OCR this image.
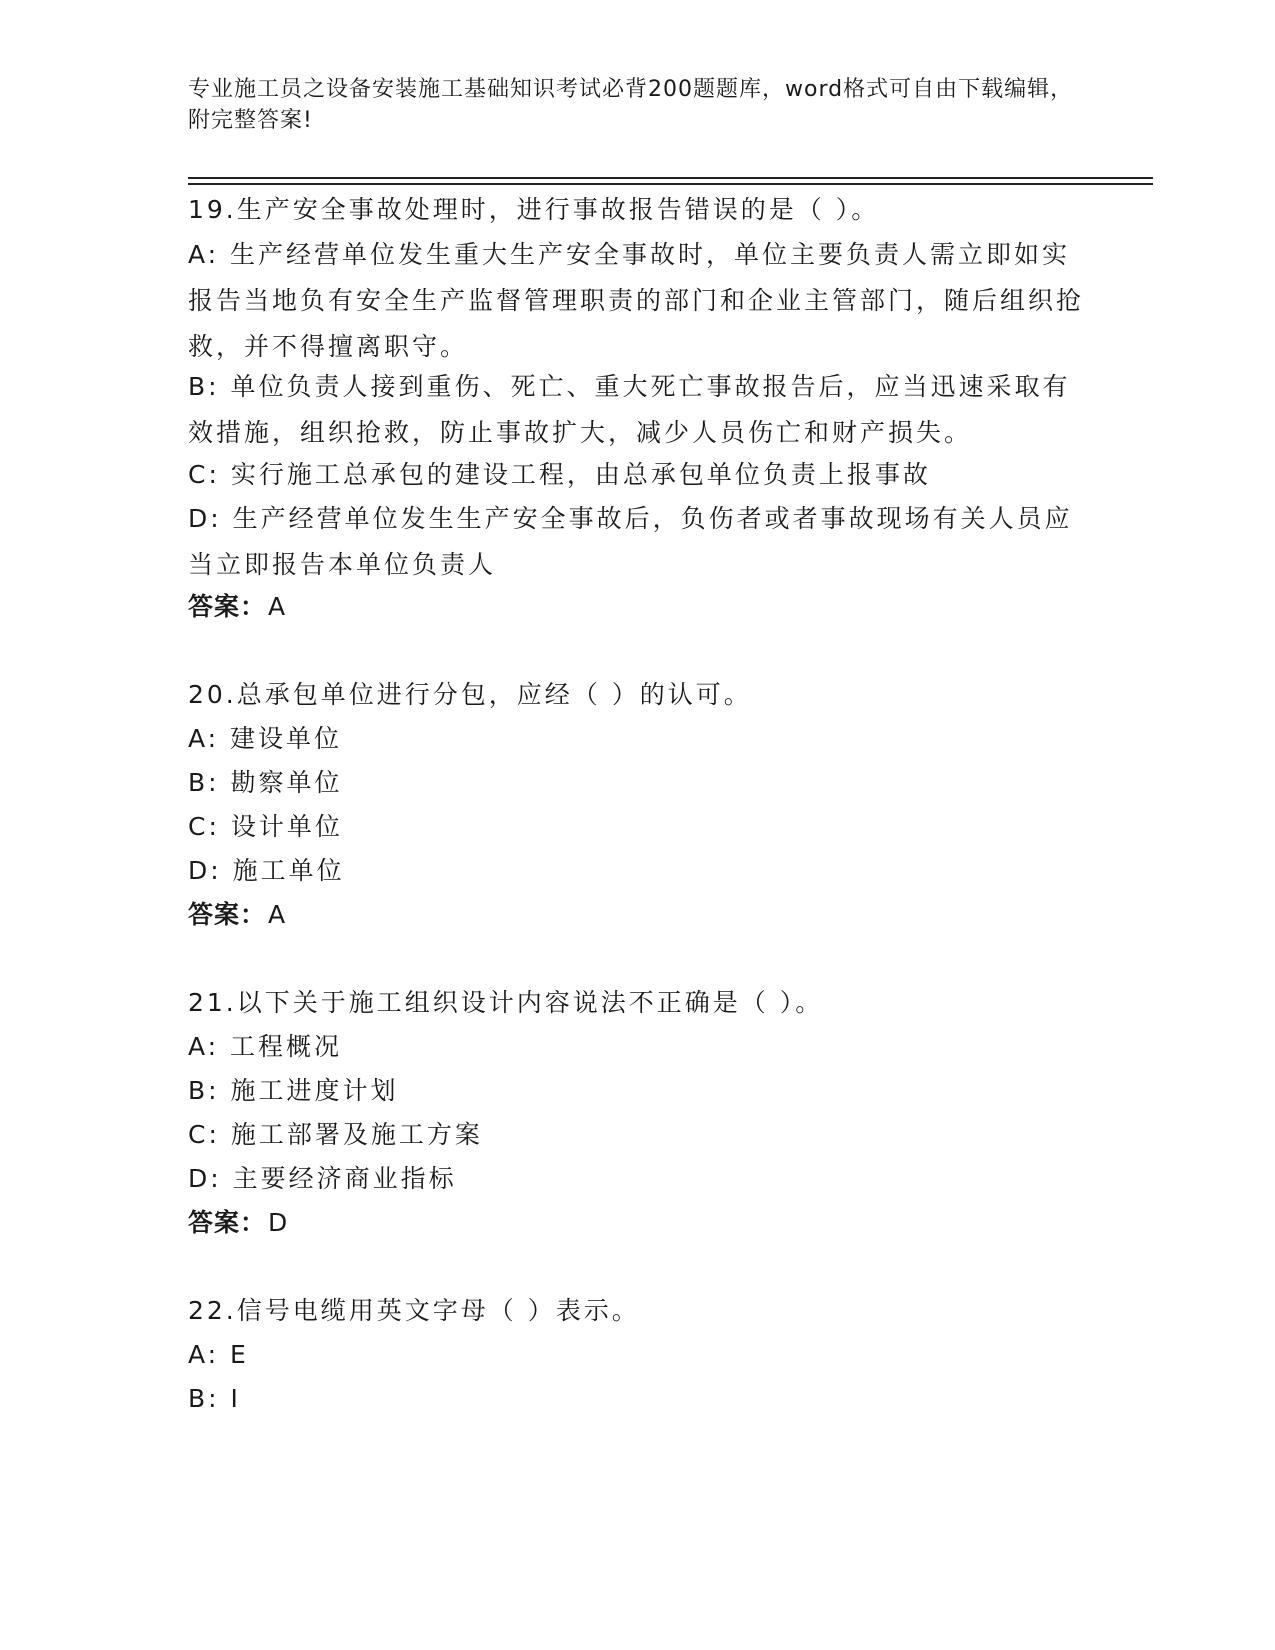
专业施工员之设备安装施工基础知识考试必背200题题库，word格式可自由下载编辑，附完整答案!
19.生产安全事故处理时，进行事故报告错误的是（ ）。
A: 生产经营单位发生重大生产安全事故时，单位主要负责人需立即如实报告当地负有安全生产监督管理职责的部门和企业主管部门，随后组织抢救，并不得擅离职守。
B: 单位负责人接到重伤、死亡、重大死亡事故报告后，应当迅速采取有效措施，组织抢救，防止事故扩大，减少人员伤亡和财产损失。
C: 实行施工总承包的建设工程，由总承包单位负责上报事故
D: 生产经营单位发生生产安全事故后，负伤者或者事故现场有关人员应当立即报告本单位负责人
答案：A
20.总承包单位进行分包，应经（ ）的认可。
A: 建设单位
B: 勘察单位
C: 设计单位
D: 施工单位
答案：A
21.以下关于施工组织设计内容说法不正确是（ ）。
A: 工程概况
B: 施工进度计划
C: 施工部署及施工方案
D: 主要经济商业指标
答案：D
22.信号电缆用英文字母（ ）表示。
A: E
B: I
